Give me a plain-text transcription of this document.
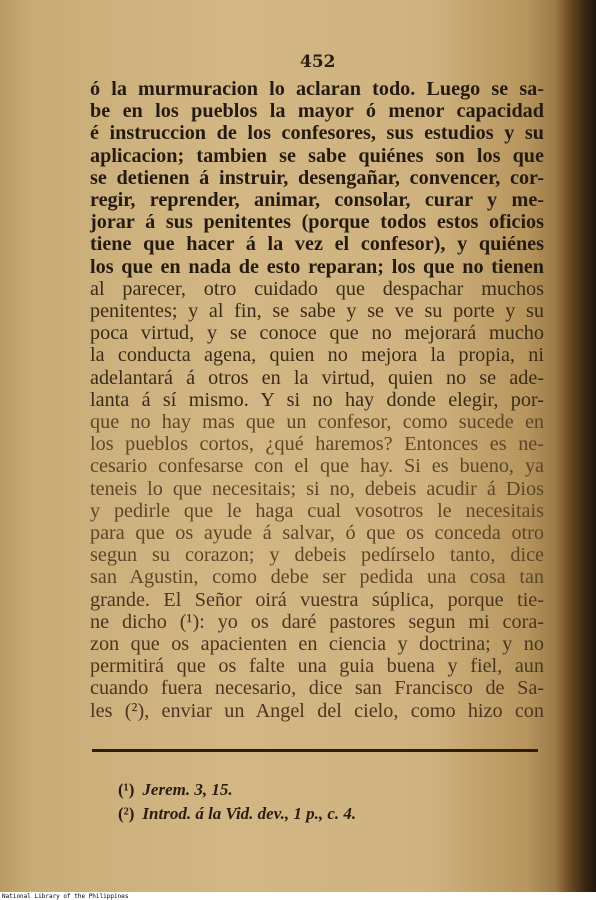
452
ó la murmuracion lo aclaran todo. Luego se sa-
be en los pueblos la mayor ó menor capacidad
é instruccion de los confesores, sus estudios y su
aplicacion; tambien se sabe quiénes son los que
se detienen á instruir, desengañar, convencer, cor-
regir, reprender, animar, consolar, curar y me-
jorar á sus penitentes (porque todos estos oficios
tiene que hacer á la vez el confesor), y quiénes
los que en nada de esto reparan; los que no tienen
al parecer, otro cuidado que despachar muchos
penitentes; y al fin, se sabe y se ve su porte y su
poca virtud, y se conoce que no mejorará mucho
la conducta agena, quien no mejora la propia, ni
adelantará á otros en la virtud, quien no se ade-
lanta á sí mismo. Y si no hay donde elegir, por-
que no hay mas que un confesor, como sucede en
los pueblos cortos, ¿qué haremos? Entonces es ne-
cesario confesarse con el que hay. Si es bueno, ya
teneis lo que necesitais; si no, debeis acudir á Dios
y pedirle que le haga cual vosotros le necesitais
para que os ayude á salvar, ó que os conceda otro
segun su corazon; y debeis pedírselo tanto, dice
san Agustin, como debe ser pedida una cosa tan
grande. El Señor oirá vuestra súplica, porque tie-
ne dicho (¹): yo os daré pastores segun mi cora-
zon que os apacienten en ciencia y doctrina; y no
permitirá que os falte una guia buena y fiel, aun
cuando fuera necesario, dice san Francisco de Sa-
les (²), enviar un Angel del cielo, como hizo con
(¹) Jerem. 3, 15.
(²) Introd. á la Vid. dev., 1 p., c. 4.
National Library of the Philippines
